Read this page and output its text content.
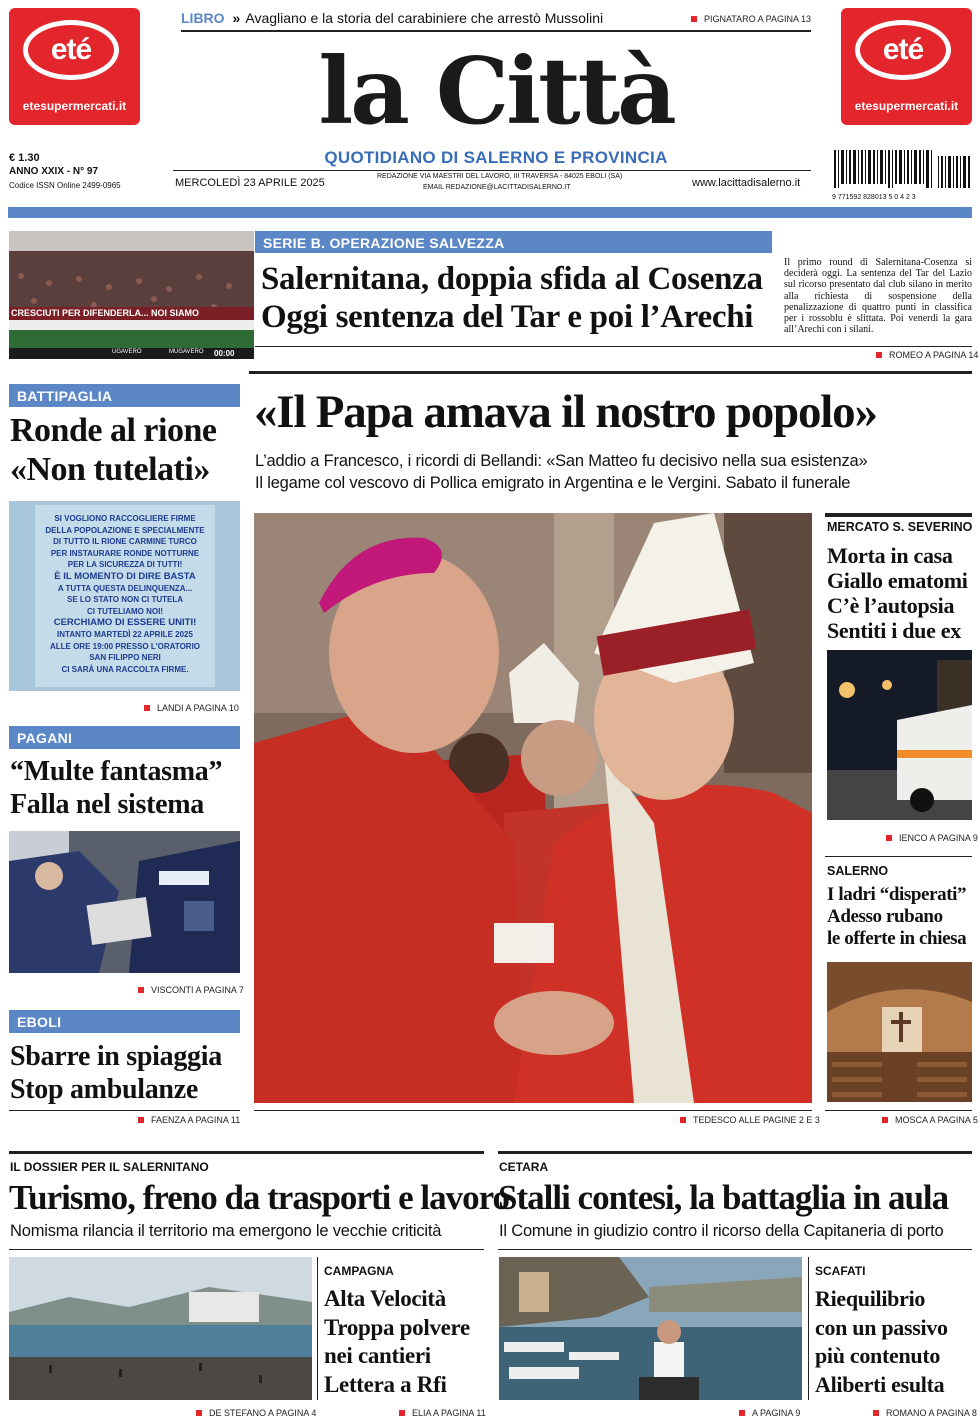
eté
etesupermercati.it
eté
etesupermercati.it
LIBRO » Avagliano e la storia del carabiniere che arrestò Mussolini	PIGNATARO A PAGINA 13
la Città
QUOTIDIANO DI SALERNO E PROVINCIA
€ 1.30
ANNO XXIX - N° 97
Codice ISSN Online 2499-0965	MERCOLEDÌ 23 APRILE 2025
REDAZIONE VIA MAESTRI DEL LAVORO, III TRAVERSA - 84025 EBOLI (SA)
EMAIL REDAZIONE@LACITTADISALERNO.IT	www.lacittadisalerno.it
9 771592 828013 5 0 4 2 3
CRESCIUTI PER DIFENDERLA... NOI SIAMO
UGAVERO	MUGAVERO 00:00
SERIE B. OPERAZIONE SALVEZZA
Salernitana, doppia sfida al Cosenza
Oggi sentenza del Tar e poi l’Arechi
Il primo round di Salernitana-Cosenza si deciderà oggi. La sentenza del Tar del Lazio sul ricorso presentato dal club silano in merito alla richiesta di sospensione della penalizzazione di quattro punti in classifica per i rossoblu è slittata. Poi venerdì la gara all’Arechi con i silani.
ROMEO A PAGINA 14
BATTIPAGLIA
Ronde al rione
«Non tutelati»
SI VOGLIONO RACCOGLIERE FIRME
DELLA POPOLAZIONE E SPECIALMENTE
DI TUTTO IL RIONE CARMINE TURCO
PER INSTAURARE RONDE NOTTURNE
PER LA SICUREZZA DI TUTTI!
È IL MOMENTO DI DIRE BASTA
A TUTTA QUESTA DELINQUENZA...
SE LO STATO NON CI TUTELA
CI TUTELIAMO NOI!
CERCHIAMO DI ESSERE UNITI!
INTANTO MARTEDÌ 22 APRILE 2025
ALLE ORE 19:00 PRESSO L'ORATORIO
SAN FILIPPO NERI
CI SARÀ UNA RACCOLTA FIRME.
LANDI A PAGINA 10
PAGANI
“Multe fantasma”
Falla nel sistema
VISCONTI A PAGINA 7
EBOLI
Sbarre in spiaggia
Stop ambulanze
FAENZA A PAGINA 11
«Il Papa amava il nostro popolo»
L’addio a Francesco, i ricordi di Bellandi: «San Matteo fu decisivo nella sua esistenza»
Il legame col vescovo di Pollica emigrato in Argentina e le Vergini. Sabato il funerale
TEDESCO ALLE PAGINE 2 E 3
MERCATO S. SEVERINO
Morta in casa
Giallo ematomi
C’è l’autopsia
Sentiti i due ex
IENCO A PAGINA 9
SALERNO
I ladri “disperati”
Adesso rubano
le offerte in chiesa
MOSCA A PAGINA 5
IL DOSSIER PER IL SALERNITANO
Turismo, freno da trasporti e lavoro
Nomisma rilancia il territorio ma emergono le vecchie criticità
DE STEFANO A PAGINA 4
CAMPAGNA
Alta Velocità
Troppa polvere
nei cantieri
Lettera a Rfi
ELIA A PAGINA 11
CETARA
Stalli contesi, la battaglia in aula
Il Comune in giudizio contro il ricorso della Capitaneria di porto
A PAGINA 9
SCAFATI
Riequilibrio
con un passivo
più contenuto
Aliberti esulta
ROMANO A PAGINA 8
